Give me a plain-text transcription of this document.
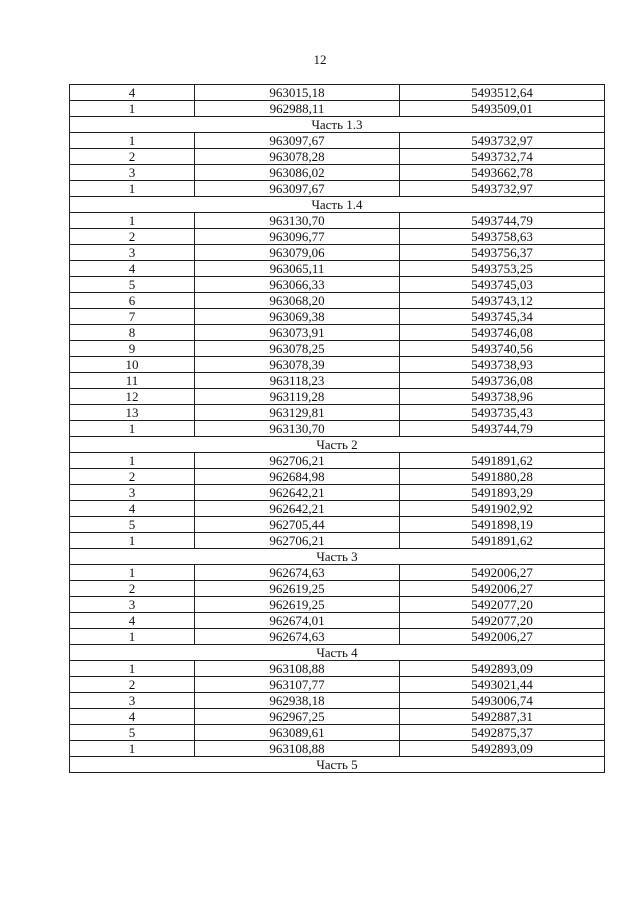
12
4	963015,18	5493512,64
1	962988,11	5493509,01
Часть 1.3		
1	963097,67	5493732,97
2	963078,28	5493732,74
3	963086,02	5493662,78
1	963097,67	5493732,97
Часть 1.4		
1	963130,70	5493744,79
2	963096,77	5493758,63
3	963079,06	5493756,37
4	963065,11	5493753,25
5	963066,33	5493745,03
6	963068,20	5493743,12
7	963069,38	5493745,34
8	963073,91	5493746,08
9	963078,25	5493740,56
10	963078,39	5493738,93
11	963118,23	5493736,08
12	963119,28	5493738,96
13	963129,81	5493735,43
1	963130,70	5493744,79
Часть 2		
1	962706,21	5491891,62
2	962684,98	5491880,28
3	962642,21	5491893,29
4	962642,21	5491902,92
5	962705,44	5491898,19
1	962706,21	5491891,62
Часть 3		
1	962674,63	5492006,27
2	962619,25	5492006,27
3	962619,25	5492077,20
4	962674,01	5492077,20
1	962674,63	5492006,27
Часть 4		
1	963108,88	5492893,09
2	963107,77	5493021,44
3	962938,18	5493006,74
4	962967,25	5492887,31
5	963089,61	5492875,37
1	963108,88	5492893,09
Часть 5		
